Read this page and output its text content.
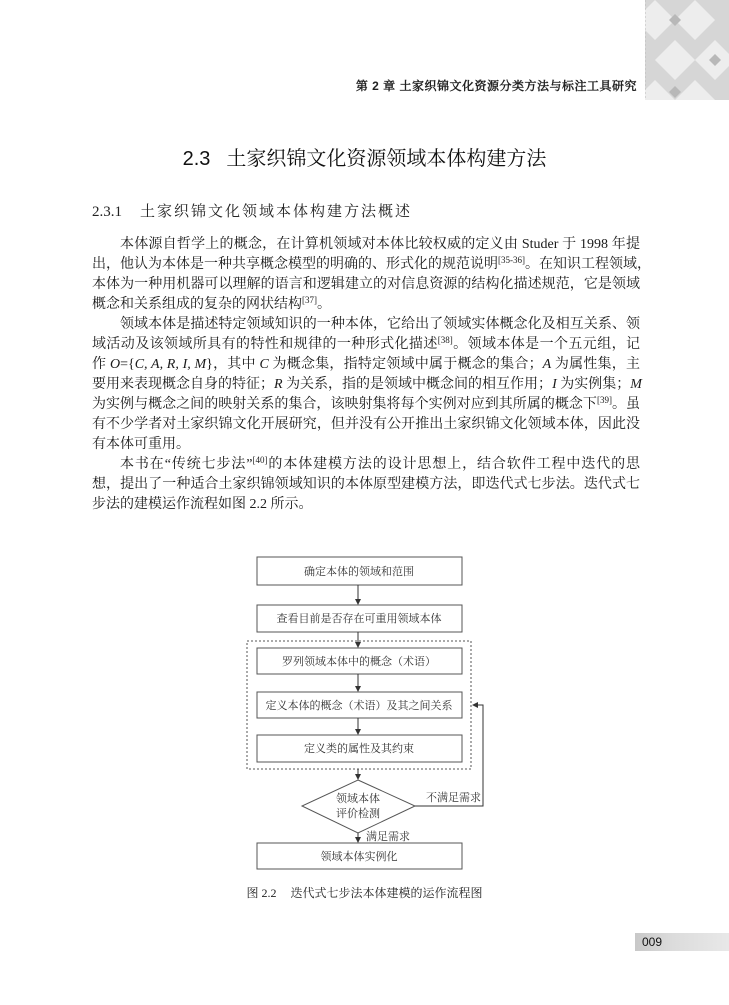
第 2 章 土家织锦文化资源分类方法与标注工具研究
2.3 土家织锦文化资源领域本体构建方法
2.3.1 土家织锦文化领域本体构建方法概述
本体源自哲学上的概念，在计算机领域对本体比较权威的定义由 Studer 于 1998 年提
出，他认为本体是一种共享概念模型的明确的、形式化的规范说明[35-36]。在知识工程领域，
本体为一种用机器可以理解的语言和逻辑建立的对信息资源的结构化描述规范，它是领域
概念和关系组成的复杂的网状结构[37]。
领域本体是描述特定领域知识的一种本体，它给出了领域实体概念化及相互关系、领
域活动及该领域所具有的特性和规律的一种形式化描述[38]。领域本体是一个五元组，记
作 O={C, A, R, I, M}，其中 C 为概念集，指特定领域中属于概念的集合；A 为属性集，主
要用来表现概念自身的特征；R 为关系，指的是领域中概念间的相互作用；I 为实例集；M
为实例与概念之间的映射关系的集合，该映射集将每个实例对应到其所属的概念下[39]。虽
有不少学者对土家织锦文化开展研究，但并没有公开推出土家织锦文化领域本体，因此没
有本体可重用。
本书在“传统七步法”[40]的本体建模方法的设计思想上，结合软件工程中迭代的思
想，提出了一种适合土家织锦领域知识的本体原型建模方法，即迭代式七步法。迭代式七
步法的建模运作流程如图 2.2 所示。
确定本体的领域和范围
查看目前是否存在可重用领域本体
罗列领域本体中的概念（术语）
定义本体的概念（术语）及其之间关系
定义类的属性及其约束
领域本体
评价检测
不满足需求
满足需求
领域本体实例化
图 2.2 迭代式七步法本体建模的运作流程图
009
